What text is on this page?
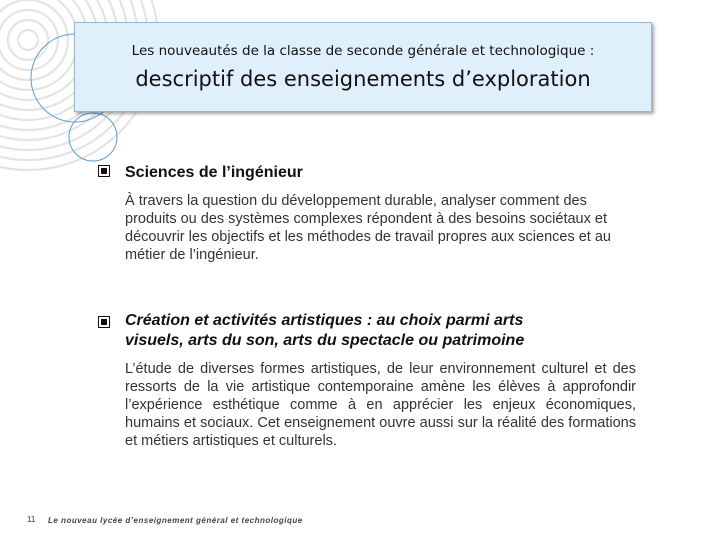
Les nouveautés de la classe de seconde générale et technologique :
descriptif des enseignements d’exploration
Sciences de l’ingénieur
À travers la question du développement durable, analyser comment des produits ou des systèmes complexes répondent à des besoins sociétaux et découvrir les objectifs et les méthodes de travail propres aux sciences et au métier de l’ingénieur.
Création et activités artistiques : au choix parmi arts
visuels, arts du son, arts du spectacle ou patrimoine
L’étude de diverses formes artistiques, de leur environnement culturel et des ressorts de la vie artistique contemporaine amène les élèves à approfondir l’expérience esthétique comme à en apprécier les enjeux économiques, humains et sociaux. Cet enseignement ouvre aussi sur la réalité des formations et métiers artistiques et culturels.
11 Le nouveau lycée d’enseignement général et technologique
